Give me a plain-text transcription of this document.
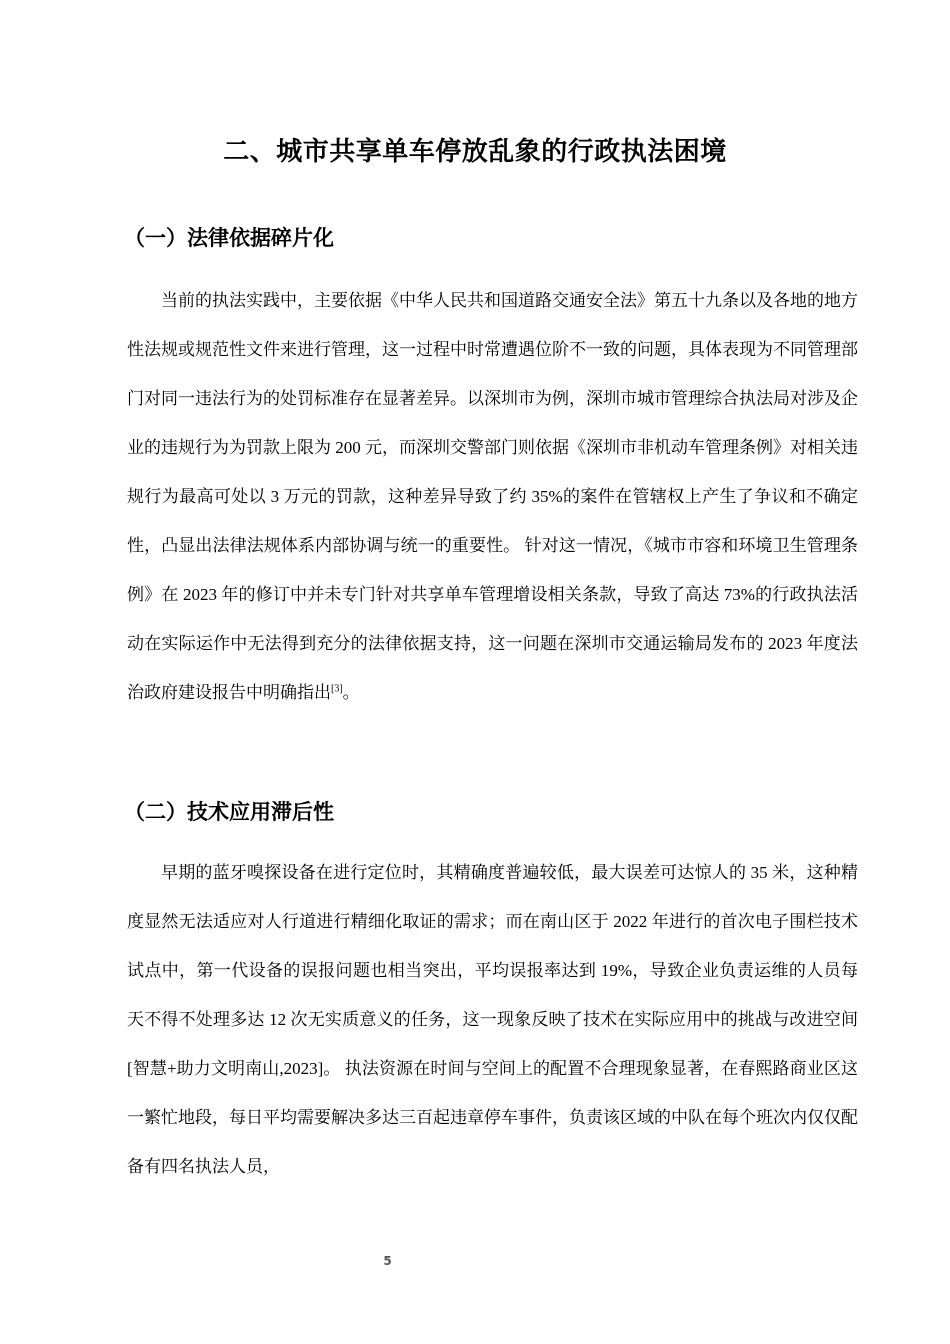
二、城市共享单车停放乱象的行政执法困境
（一）法律依据碎片化

当前的执法实践中，主要依据《中华人民共和国道路交通安全法》第五十九条以及各地的地方性法规或规范性文件来进行管理，这一过程中时常遭遇位阶不一致的问题，具体表现为不同管理部门对同一违法行为的处罚标准存在显著差异。以深圳市为例，深圳市城市管理综合执法局对涉及企业的违规行为为罚款上限为 200 元，而深圳交警部门则依据《深圳市非机动车管理条例》对相关违规行为最高可处以 3 万元的罚款，这种差异导致了约 35%的案件在管辖权上产生了争议和不确定性，凸显出法律法规体系内部协调与统一的重要性。 针对这一情况，《城市市容和环境卫生管理条例》在 2023 年的修订中并未专门针对共享单车管理增设相关条款，导致了高达 73%的行政执法活动在实际运作中无法得到充分的法律依据支持，这一问题在深圳市交通运输局发布的 2023 年度法治政府建设报告中明确指出[3]。

（二）技术应用滞后性

早期的蓝牙嗅探设备在进行定位时，其精确度普遍较低，最大误差可达惊人的 35 米，这种精度显然无法适应对人行道进行精细化取证的需求；而在南山区于 2022 年进行的首次电子围栏技术试点中，第一代设备的误报问题也相当突出，平均误报率达到 19%，导致企业负责运维的人员每天不得不处理多达 12 次无实质意义的任务，这一现象反映了技术在实际应用中的挑战与改进空间[智慧+助力文明南山,2023]。 执法资源在时间与空间上的配置不合理现象显著，在春熙路商业区这一繁忙地段，每日平均需要解决多达三百起违章停车事件，负责该区域的中队在每个班次内仅仅配备有四名执法人员，

5
